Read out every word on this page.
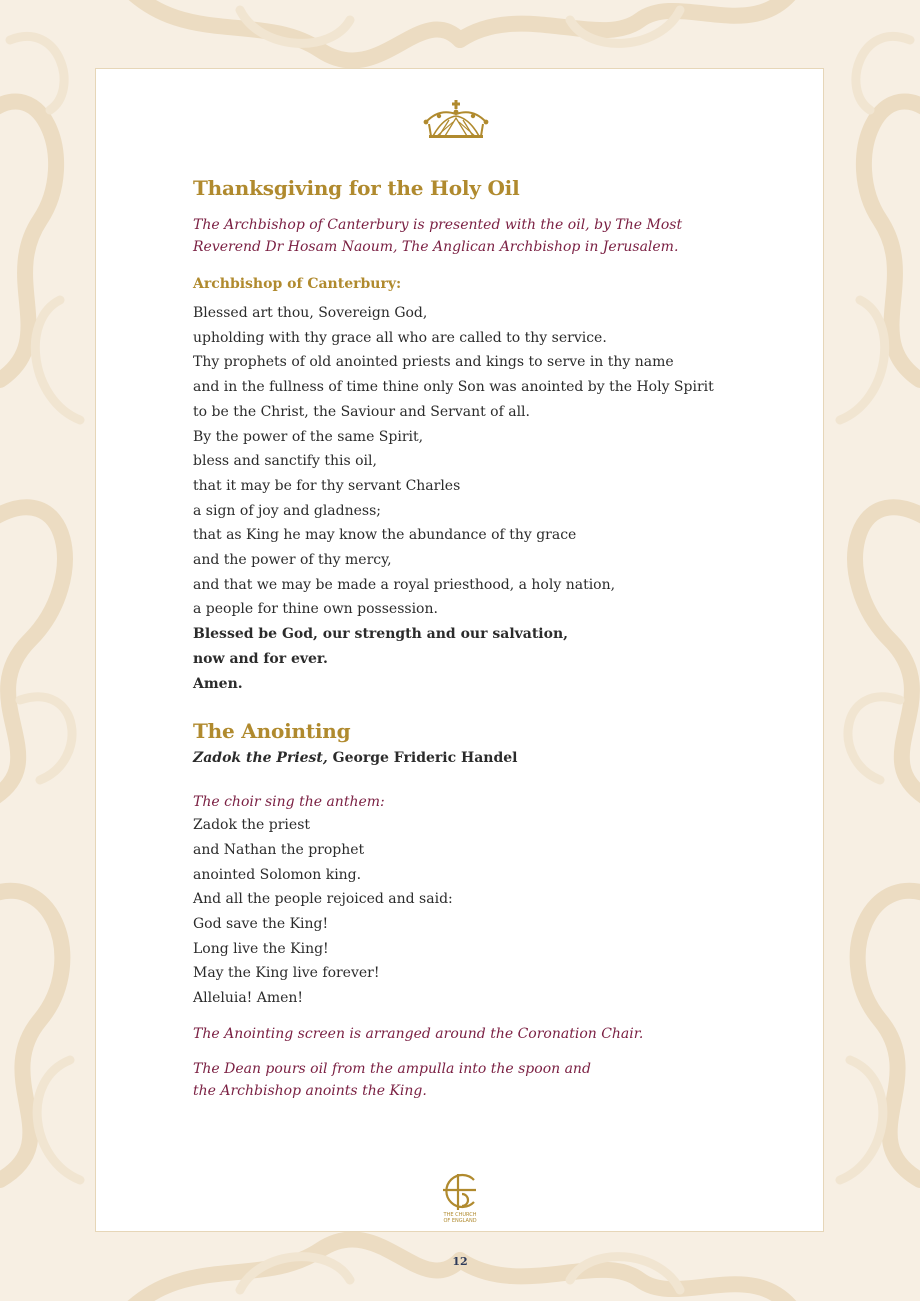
Thanksgiving for the Holy Oil

The Archbishop of Canterbury is presented with the oil, by The Most

Reverend Dr Hosam Naoum, The Anglican Archbishop in Jerusalem.

Archbishop of Canterbury:

Blessed art thou, Sovereign God,

upholding with thy grace all who are called to thy service.

Thy prophets of old anointed priests and kings to serve in thy name

and in the fullness of time thine only Son was anointed by the Holy Spirit

to be the Christ, the Saviour and Servant of all.

By the power of the same Spirit,

bless and sanctify this oil,

that it may be for thy servant Charles

a sign of joy and gladness;

that as King he may know the abundance of thy grace

and the power of thy mercy,

and that we may be made a royal priesthood, a holy nation,

a people for thine own possession.

Blessed be God, our strength and our salvation,

now and for ever.

Amen.

The Anointing

Zadok the Priest, George Frideric Handel

The choir sing the anthem:

Zadok the priest

and Nathan the prophet

anointed Solomon king.

And all the people rejoiced and said:

God save the King!

Long live the King!

May the King live forever!

Alleluia! Amen!

The Anointing screen is arranged around the Coronation Chair.

The Dean pours oil from the ampulla into the spoon and

the Archbishop anoints the King.

THE CHURCH
OF ENGLAND
12
